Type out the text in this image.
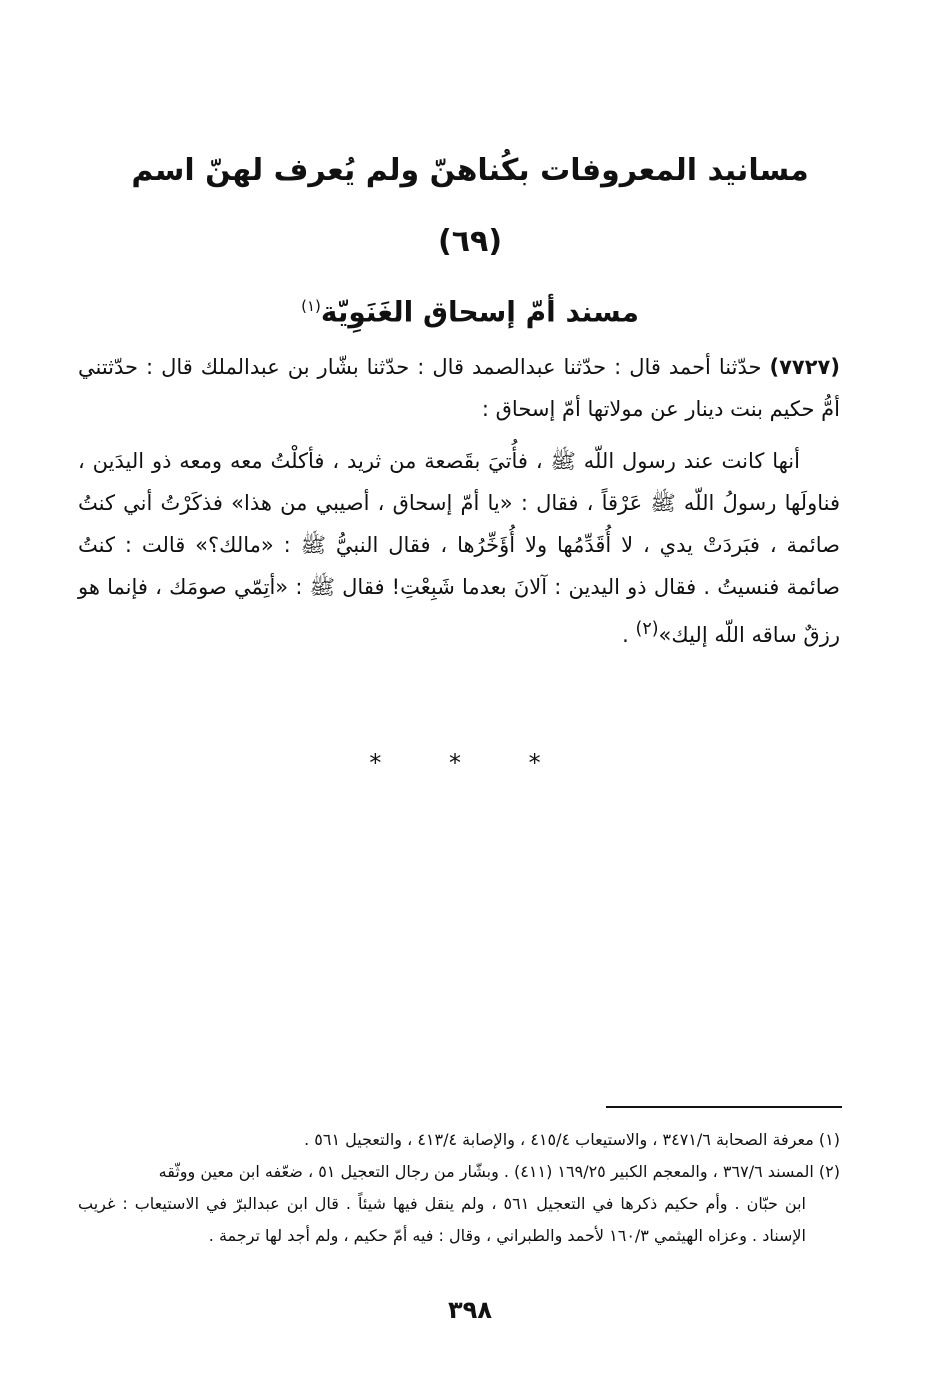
مسانيد المعروفات بكُناهنّ ولم يُعرف لهنّ اسم
(٦٩)
مسند أمّ إسحاق الغَنَوِيّة$^{(١)}$
(٧٧٢٧) حدّثنا أحمد قال : حدّثنا عبدالصمد قال : حدّثنا بشّار بن عبدالملك قال : حدّثتني أمُّ حكيم بنت دينار عن مولاتها أمّ إسحاق :
أنها كانت عند رسول اللّه ﷺ ، فأُتيَ بقَصعة من ثريد ، فأكلْتُ معه ومعه ذو اليدَين ، فناولَها رسولُ اللّه ﷺ عَرْقاً ، فقال : «يا أمّ إسحاق ، أصيبي من هذا» فذكَرْتُ أني كنتُ صائمة ، فبَردَتْ يدي ، لا أُقَدِّمُها ولا أُؤَخِّرُها ، فقال النبيُّ ﷺ : «مالك؟» قالت : كنتُ صائمة فنسيتُ . فقال ذو اليدين : آلانَ بعدما شَبِعْتِ! فقال ﷺ : «أتِمّي صومَك ، فإنما هو رزقٌ ساقه اللّه إليك»$^{(٢)}$ .
* * *
(١) معرفة الصحابة ٣٤٧١/٦ ، والاستيعاب ٤١٥/٤ ، والإصابة ٤١٣/٤ ، والتعجيل ٥٦١ .
(٢) المسند ٣٦٧/٦ ، والمعجم الكبير ١٦٩/٢٥ (٤١١) . وبشّار من رجال التعجيل ٥١ ، ضعّفه ابن معين ووثّقه
ابن حبّان . وأم حكيم ذكرها في التعجيل ٥٦١ ، ولم ينقل فيها شيئاً . قال ابن عبدالبرّ في الاستيعاب : غريب الإسناد . وعزاه الهيثمي ١٦٠/٣ لأحمد والطبراني ، وقال : فيه أمّ حكيم ، ولم أجد لها ترجمة .
٣٩٨
